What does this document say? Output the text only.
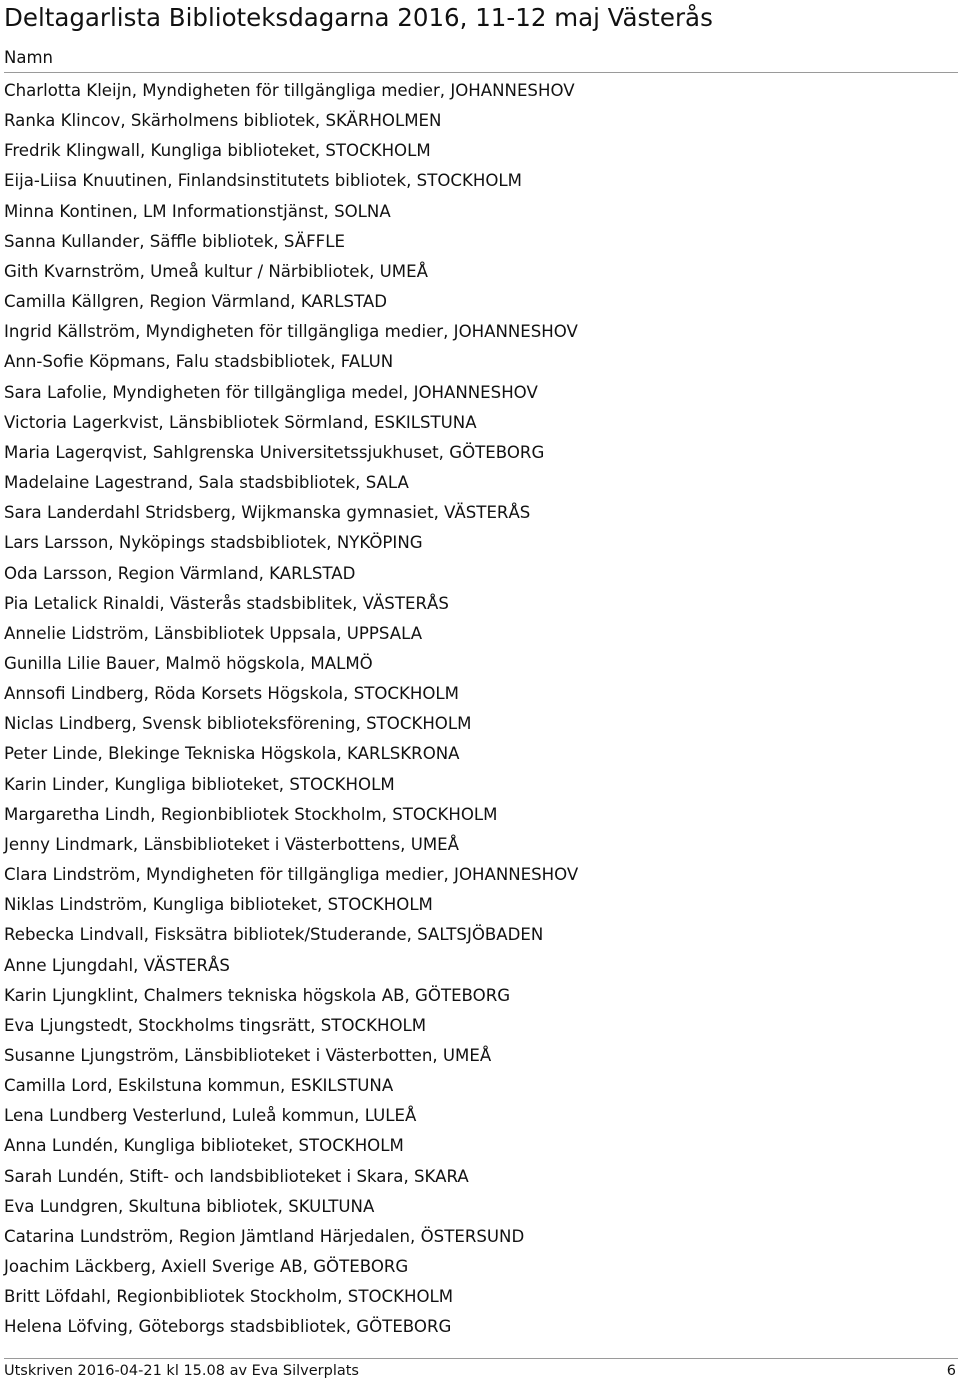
Deltagarlista Biblioteksdagarna 2016, 11-12 maj Västerås
Namn
Charlotta Kleijn, Myndigheten för tillgängliga medier, JOHANNESHOV
Ranka Klincov, Skärholmens bibliotek, SKÄRHOLMEN
Fredrik Klingwall, Kungliga biblioteket, STOCKHOLM
Eija-Liisa Knuutinen, Finlandsinstitutets bibliotek, STOCKHOLM
Minna Kontinen, LM Informationstjänst, SOLNA
Sanna Kullander, Säffle bibliotek, SÄFFLE
Gith Kvarnström, Umeå kultur / Närbibliotek, UMEÅ
Camilla Källgren, Region Värmland, KARLSTAD
Ingrid Källström, Myndigheten för tillgängliga medier, JOHANNESHOV
Ann-Sofie Köpmans, Falu stadsbibliotek, FALUN
Sara Lafolie, Myndigheten för tillgängliga medel, JOHANNESHOV
Victoria Lagerkvist, Länsbibliotek Sörmland, ESKILSTUNA
Maria Lagerqvist, Sahlgrenska Universitetssjukhuset, GÖTEBORG
Madelaine Lagestrand, Sala stadsbibliotek, SALA
Sara Landerdahl Stridsberg, Wijkmanska gymnasiet, VÄSTERÅS
Lars Larsson, Nyköpings stadsbibliotek, NYKÖPING
Oda Larsson, Region Värmland, KARLSTAD
Pia Letalick Rinaldi, Västerås stadsbiblitek, VÄSTERÅS
Annelie Lidström, Länsbibliotek Uppsala, UPPSALA
Gunilla Lilie Bauer, Malmö högskola, MALMÖ
Annsofi Lindberg, Röda Korsets Högskola, STOCKHOLM
Niclas Lindberg, Svensk biblioteksförening, STOCKHOLM
Peter Linde, Blekinge Tekniska Högskola, KARLSKRONA
Karin Linder, Kungliga biblioteket, STOCKHOLM
Margaretha Lindh, Regionbibliotek Stockholm, STOCKHOLM
Jenny Lindmark, Länsbiblioteket i Västerbottens, UMEÅ
Clara Lindström, Myndigheten för tillgängliga medier, JOHANNESHOV
Niklas Lindström, Kungliga biblioteket, STOCKHOLM
Rebecka Lindvall, Fisksätra bibliotek/Studerande, SALTSJÖBADEN
Anne Ljungdahl, VÄSTERÅS
Karin Ljungklint, Chalmers tekniska högskola AB, GÖTEBORG
Eva Ljungstedt, Stockholms tingsrätt, STOCKHOLM
Susanne Ljungström, Länsbiblioteket i Västerbotten, UMEÅ
Camilla Lord, Eskilstuna kommun, ESKILSTUNA
Lena Lundberg Vesterlund, Luleå kommun, LULEÅ
Anna Lundén, Kungliga biblioteket, STOCKHOLM
Sarah Lundén, Stift- och landsbiblioteket i Skara, SKARA
Eva Lundgren, Skultuna bibliotek, SKULTUNA
Catarina Lundström, Region Jämtland Härjedalen, ÖSTERSUND
Joachim Läckberg, Axiell Sverige AB, GÖTEBORG
Britt Löfdahl, Regionbibliotek Stockholm, STOCKHOLM
Helena Löfving, Göteborgs stadsbibliotek, GÖTEBORG
Utskriven 2016-04-21 kl 15.08 av Eva Silverplats	6
